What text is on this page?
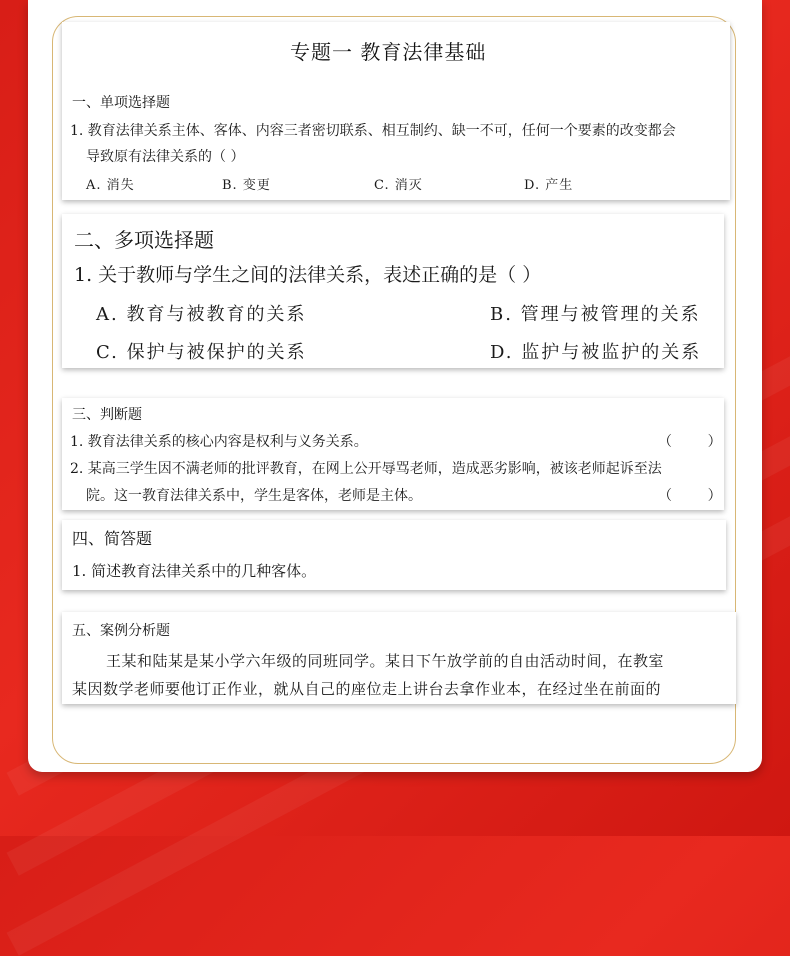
专题一 教育法律基础
一、单项选择题
1. 教育法律关系主体、客体、内容三者密切联系、相互制约、缺一不可，任何一个要素的改变都会
导致原有法律关系的（ ）
A. 消失	B. 变更	C. 消灭	D. 产生
二、多项选择题
1. 关于教师与学生之间的法律关系，表述正确的是（ ）
A. 教育与被教育的关系	B. 管理与被管理的关系
C. 保护与被保护的关系	D. 监护与被监护的关系
三、判断题
1. 教育法律关系的核心内容是权利与义务关系。	（        ）
2. 某高三学生因不满老师的批评教育，在网上公开辱骂老师，造成恶劣影响，被该老师起诉至法
院。这一教育法律关系中，学生是客体，老师是主体。	（        ）
四、简答题
1. 简述教育法律关系中的几种客体。
五、案例分析题
王某和陆某是某小学六年级的同班同学。某日下午放学前的自由活动时间，在教室
某因数学老师要他订正作业，就从自己的座位走上讲台去拿作业本，在经过坐在前面的
